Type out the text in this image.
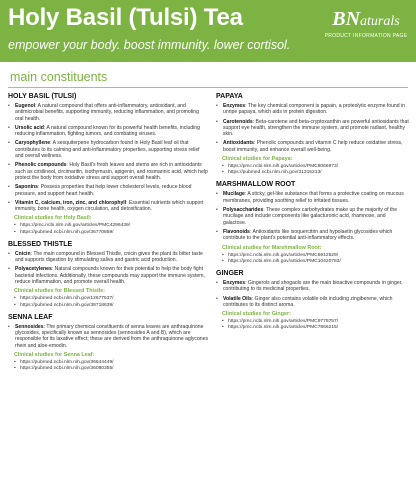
Holy Basil (Tulsi) Tea
empower your body. boost immunity. lower cortisol.
BNaturals
PRODUCT INFORMATION PAGE
main constituents
HOLY BASIL (TULSI)
•	Eugenol: A natural compound that offers anti-inflammatory, antioxidant, and antimicrobial benefits, supporting immunity, reducing inflammation, and promoting oral health.
•	Ursolic acid: A natural compound known for its powerful health benefits, including reducing inflammation, fighting tumors, and combating viruses.
•	Caryophyllene: A sesquiterpene hydrocarbon found in Holy Basil leaf oil that contributes to its calming and anti-inflammatory properties, supporting stress relief and overall wellness.
•	Phenolic compounds: Holy Basil's fresh leaves and stems are rich in antioxidants such as cirsilineol, circimaritin, isothymusin, apigenin, and rosmarinic acid, which help protect the body from oxidative stress and support overall health.
•	Saponins: Possess properties that help lower cholesterol levels, reduce blood pressure, and support heart health.
•	Vitamin C, calcium, iron, zinc, and chlorophyll: Essential nutrients which support immunity, bone health, oxygen circulation, and detoxification.
Clinical studies for Holy Basil:
• https://pmc.ncbi.nlm.nih.gov/articles/PMC4296439/
• https://pubmed.ncbi.nlm.nih.gov/36770859/
BLESSED THISTLE
•	Cnicin: The main compound in Blessed Thistle, cnicin gives the plant its bitter taste and supports digestion by stimulating saliva and gastric acid production.
•	Polyacetylenes: Natural compounds known for their potential to help the body fight bacterial infections. Additionally, these compounds may support the immune system, reduce inflammation, and promote overall health.
Clinical studies for Blessed Thistle:
• https://pubmed.ncbi.nlm.nih.gov/12677537/
• https://pubmed.ncbi.nlm.nih.gov/38718639/
SENNA LEAF
•	Sennosides: The primary chemical constituents of senna leaves are anthraquinone glycosides, specifically known as sennosides (sennosides A and B), which are responsible for its laxative effect; these are derived from the anthraquinone aglycones rhein and aloe-emodin.
Clinical studies for Senna Leaf:
• https://pubmed.ncbi.nlm.nih.gov/36644449/
• https://pubmed.ncbi.nlm.nih.gov/36080355/
PAPAYA
•	Enzymes: The key chemical component is papain, a proteolytic enzyme found in unripe papaya, which aids in protein digestion.
•	Carotenoids: Beta-carotene and beta-cryptoxanthin are powerful antioxidants that support eye health, strengthen the immune system, and promote radiant, healthy skin.
•	Antioxidants: Phenolic compounds and vitamin C help reduce oxidative stress, boost immunity, and enhance overall well-being.
Clinical studies for Papaya:
• https://pmc.ncbi.nlm.nih.gov/articles/PMC8066973/
• https://pubmed.ncbi.nlm.nih.gov/31315213/
MARSHMALLOW ROOT
•	Mucilage: A sticky, gel-like substance that forms a protective coating on mucous membranes, providing soothing relief to irritated tissues.
•	Polysaccharides: These complex carbohydrates make up the majority of the mucilage and include components like galacturonic acid, rhamnose, and galactose.
•	Flavonoids: Antioxidants like isoquercitrin and hypolaetin glycosides which contribute to the plant's potential anti-inflammatory effects.
Clinical studies for Marshmallow Root:
• https://pmc.ncbi.nlm.nih.gov/articles/PMC6912529/
• https://pmc.ncbi.nlm.nih.gov/articles/PMC10420783/
GINGER
•	Enzymes: Gingerols and shogaols are the main bioactive compounds in ginger, contributing to its medicinal properties.
•	Volatile Oils: Ginger also contains volatile oils including zingiberene, which contributes to its distinct aroma.
Clinical studies for Ginger:
• https://pmc.ncbi.nlm.nih.gov/articles/PMC9779757/
• https://pmc.ncbi.nlm.nih.gov/articles/PMC7866215/
